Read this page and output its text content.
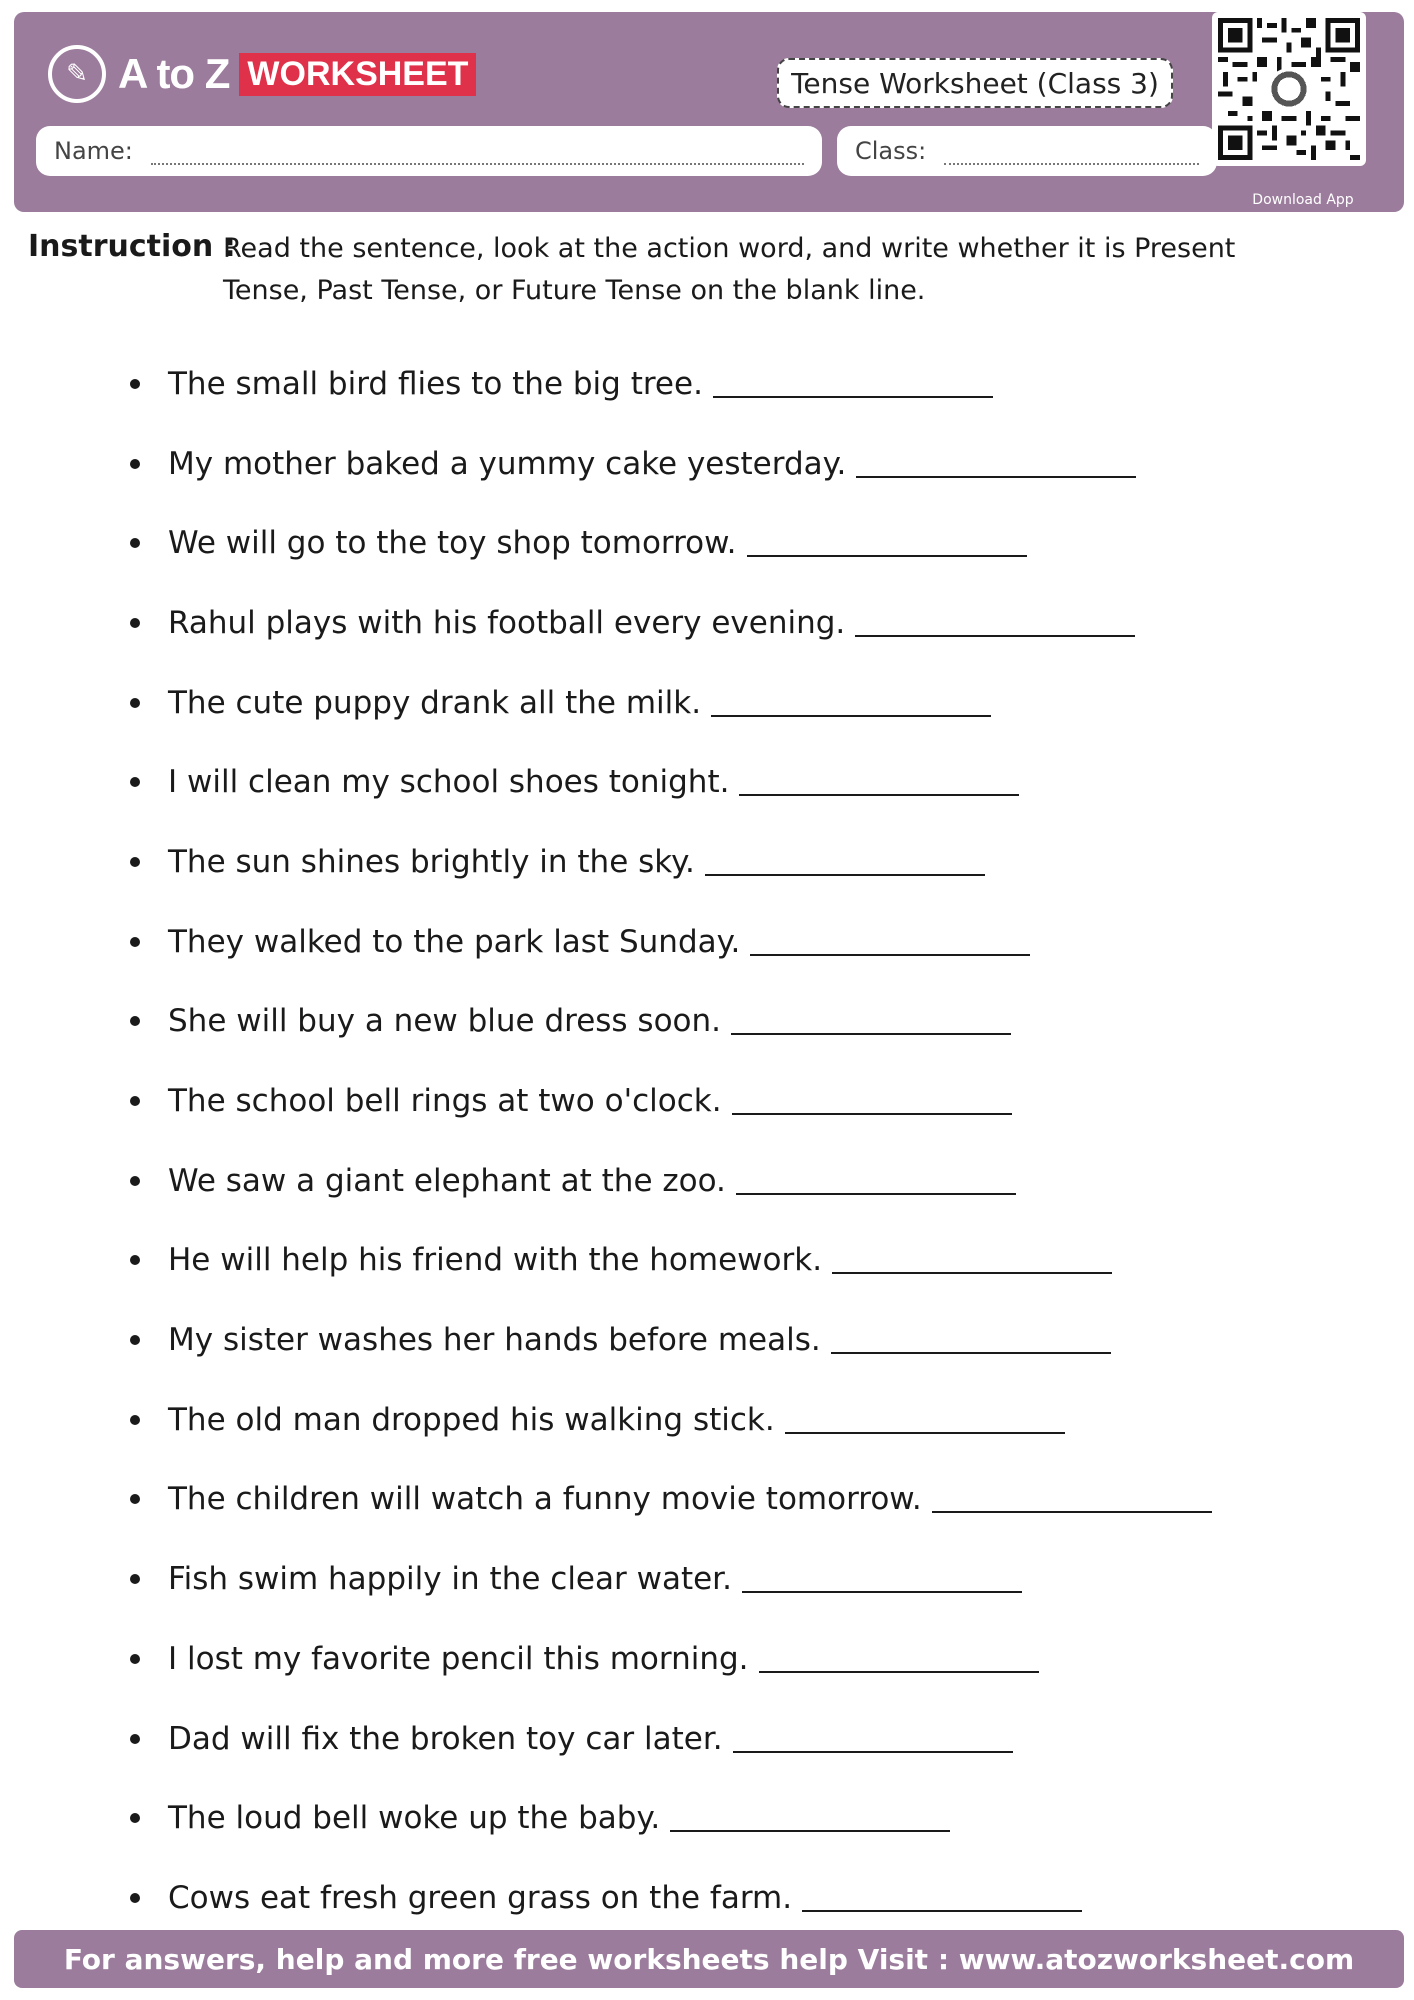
✎ A to Z WORKSHEET	Tense Worksheet (Class 3)
Name:	Class:
Download App
Instruction :
Read the sentence, look at the action word, and write whether it is Present Tense, Past Tense, or Future Tense on the blank line.
The small bird flies to the big tree.
My mother baked a yummy cake yesterday.
We will go to the toy shop tomorrow.
Rahul plays with his football every evening.
The cute puppy drank all the milk.
I will clean my school shoes tonight.
The sun shines brightly in the sky.
They walked to the park last Sunday.
She will buy a new blue dress soon.
The school bell rings at two o'clock.
We saw a giant elephant at the zoo.
He will help his friend with the homework.
My sister washes her hands before meals.
The old man dropped his walking stick.
The children will watch a funny movie tomorrow.
Fish swim happily in the clear water.
I lost my favorite pencil this morning.
Dad will fix the broken toy car later.
The loud bell woke up the baby.
Cows eat fresh green grass on the farm.
For answers, help and more free worksheets help Visit : www.atozworksheet.com
